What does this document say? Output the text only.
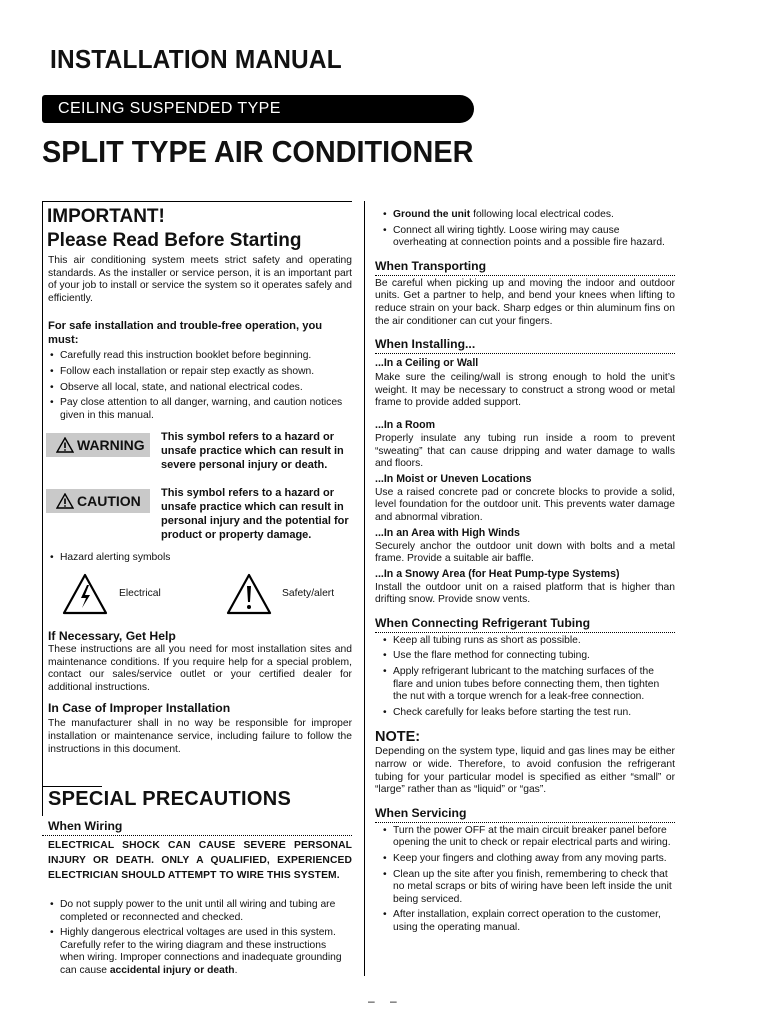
INSTALLATION MANUAL
CEILING SUSPENDED TYPE
SPLIT TYPE AIR CONDITIONER
IMPORTANT!
Please Read Before Starting
This air conditioning system meets strict safety and operating standards. As the installer or service person, it is an important part of your job to install or service the system so it operates safely and efficiently.
For safe installation and trouble-free operation, you must:
• Carefully read this instruction booklet before beginning.
• Follow each installation or repair step exactly as shown.
• Observe all local, state, and national electrical codes.
• Pay close attention to all danger, warning, and caution notices given in this manual.
WARNING	This symbol refers to a hazard or unsafe practice which can result in severe personal injury or death.
CAUTION	This symbol refers to a hazard or unsafe practice which can result in personal injury and the potential for product or property damage.
• Hazard alerting symbols
Electrical	Safety/alert
If Necessary, Get Help
These instructions are all you need for most installation sites and maintenance conditions. If you require help for a special problem, contact our sales/service outlet or your certified dealer for additional instructions.
In Case of Improper Installation
The manufacturer shall in no way be responsible for improper installation or maintenance service, including failure to follow the instructions in this document.
SPECIAL PRECAUTIONS
When Wiring
ELECTRICAL SHOCK CAN CAUSE SEVERE PERSONAL INJURY OR DEATH. ONLY A QUALIFIED, EXPERIENCED ELECTRICIAN SHOULD ATTEMPT TO WIRE THIS SYSTEM.
• Do not supply power to the unit until all wiring and tubing are completed or reconnected and checked.
• Highly dangerous electrical voltages are used in this system. Carefully refer to the wiring diagram and these instructions when wiring. Improper connections and inadequate grounding can cause accidental injury or death.
• Ground the unit following local electrical codes.
• Connect all wiring tightly. Loose wiring may cause overheating at connection points and a possible fire hazard.
When Transporting
Be careful when picking up and moving the indoor and outdoor units. Get a partner to help, and bend your knees when lifting to reduce strain on your back. Sharp edges or thin aluminum fins on the air conditioner can cut your fingers.
When Installing...
...In a Ceiling or Wall
Make sure the ceiling/wall is strong enough to hold the unit’s weight. It may be necessary to construct a strong wood or metal frame to provide added support.
...In a Room
Properly insulate any tubing run inside a room to prevent “sweating” that can cause dripping and water damage to walls and floors.
...In Moist or Uneven Locations
Use a raised concrete pad or concrete blocks to provide a solid, level foundation for the outdoor unit. This prevents water damage and abnormal vibration.
...In an Area with High Winds
Securely anchor the outdoor unit down with bolts and a metal frame. Provide a suitable air baffle.
...In a Snowy Area (for Heat Pump-type Systems)
Install the outdoor unit on a raised platform that is higher than drifting snow. Provide snow vents.
When Connecting Refrigerant Tubing
• Keep all tubing runs as short as possible.
• Use the flare method for connecting tubing.
• Apply refrigerant lubricant to the matching surfaces of the flare and union tubes before connecting them, then tighten the nut with a torque wrench for a leak-free connection.
• Check carefully for leaks before starting the test run.
NOTE:
Depending on the system type, liquid and gas lines may be either narrow or wide. Therefore, to avoid confusion the refrigerant tubing for your particular model is specified as either “small” or “large” rather than as “liquid” or “gas”.
When Servicing
• Turn the power OFF at the main circuit breaker panel before opening the unit to check or repair electrical parts and wiring.
• Keep your fingers and clothing away from any moving parts.
• Clean up the site after you finish, remembering to check that no metal scraps or bits of wiring have been left inside the unit being serviced.
• After installation, explain correct operation to the customer, using the operating manual.
– –
